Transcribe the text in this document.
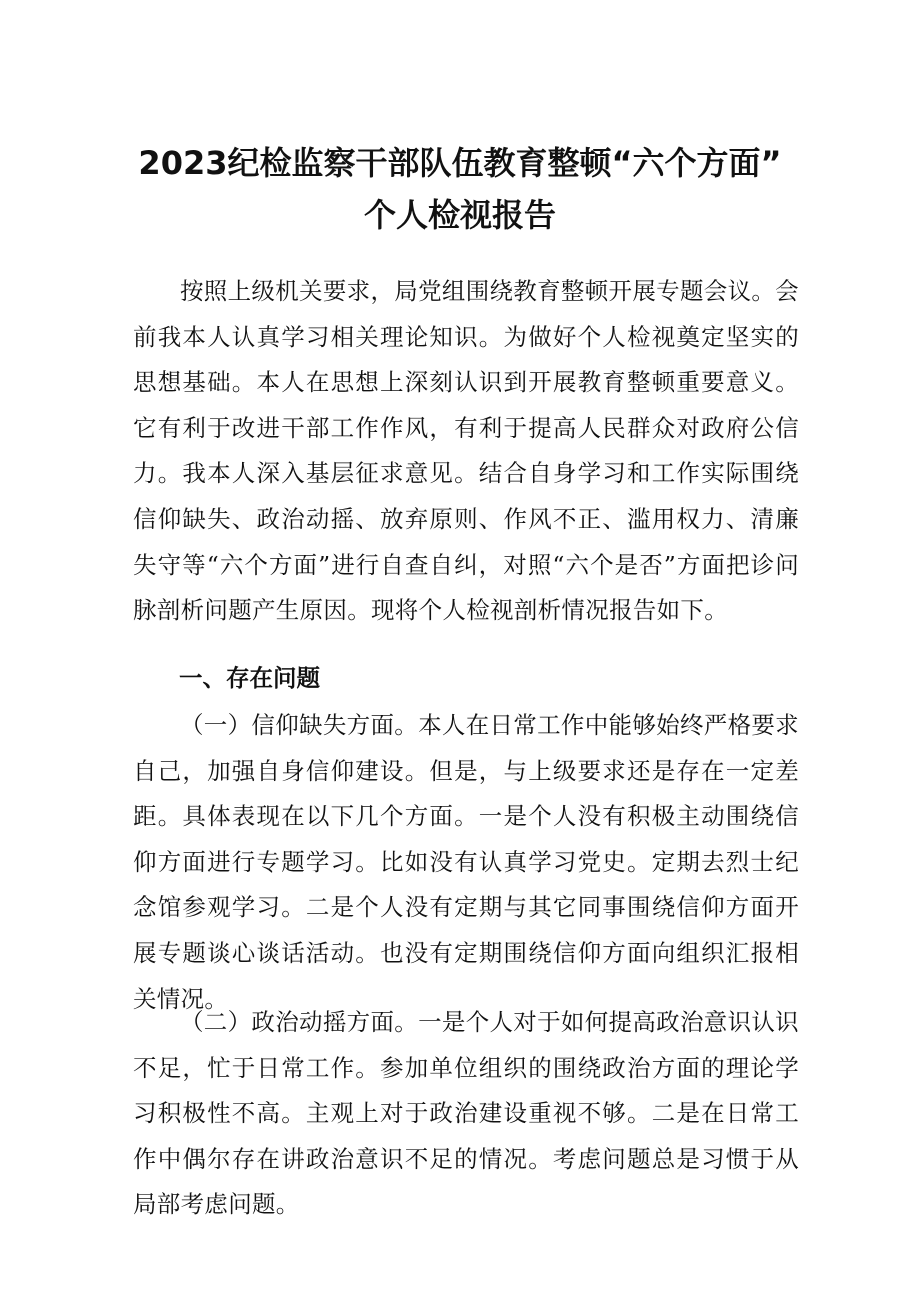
2023纪检监察干部队伍教育整顿“六个方面”
个人检视报告

按照上级机关要求，局党组围绕教育整顿开展专题会议。会前我本人认真学习相关理论知识。为做好个人检视奠定坚实的思想基础。本人在思想上深刻认识到开展教育整顿重要意义。它有利于改进干部工作作风，有利于提高人民群众对政府公信力。我本人深入基层征求意见。结合自身学习和工作实际围绕信仰缺失、政治动摇、放弃原则、作风不正、滥用权力、清廉失守等“六个方面”进行自查自纠，对照“六个是否”方面把诊问脉剖析问题产生原因。现将个人检视剖析情况报告如下。

一、存在问题

（一）信仰缺失方面。本人在日常工作中能够始终严格要求自己，加强自身信仰建设。但是，与上级要求还是存在一定差距。具体表现在以下几个方面。一是个人没有积极主动围绕信仰方面进行专题学习。比如没有认真学习党史。定期去烈士纪念馆参观学习。二是个人没有定期与其它同事围绕信仰方面开展专题谈心谈话活动。也没有定期围绕信仰方面向组织汇报相关情况。

（二）政治动摇方面。一是个人对于如何提高政治意识认识不足，忙于日常工作。参加单位组织的围绕政治方面的理论学习积极性不高。主观上对于政治建设重视不够。二是在日常工作中偶尔存在讲政治意识不足的情况。考虑问题总是习惯于从局部考虑问题。
